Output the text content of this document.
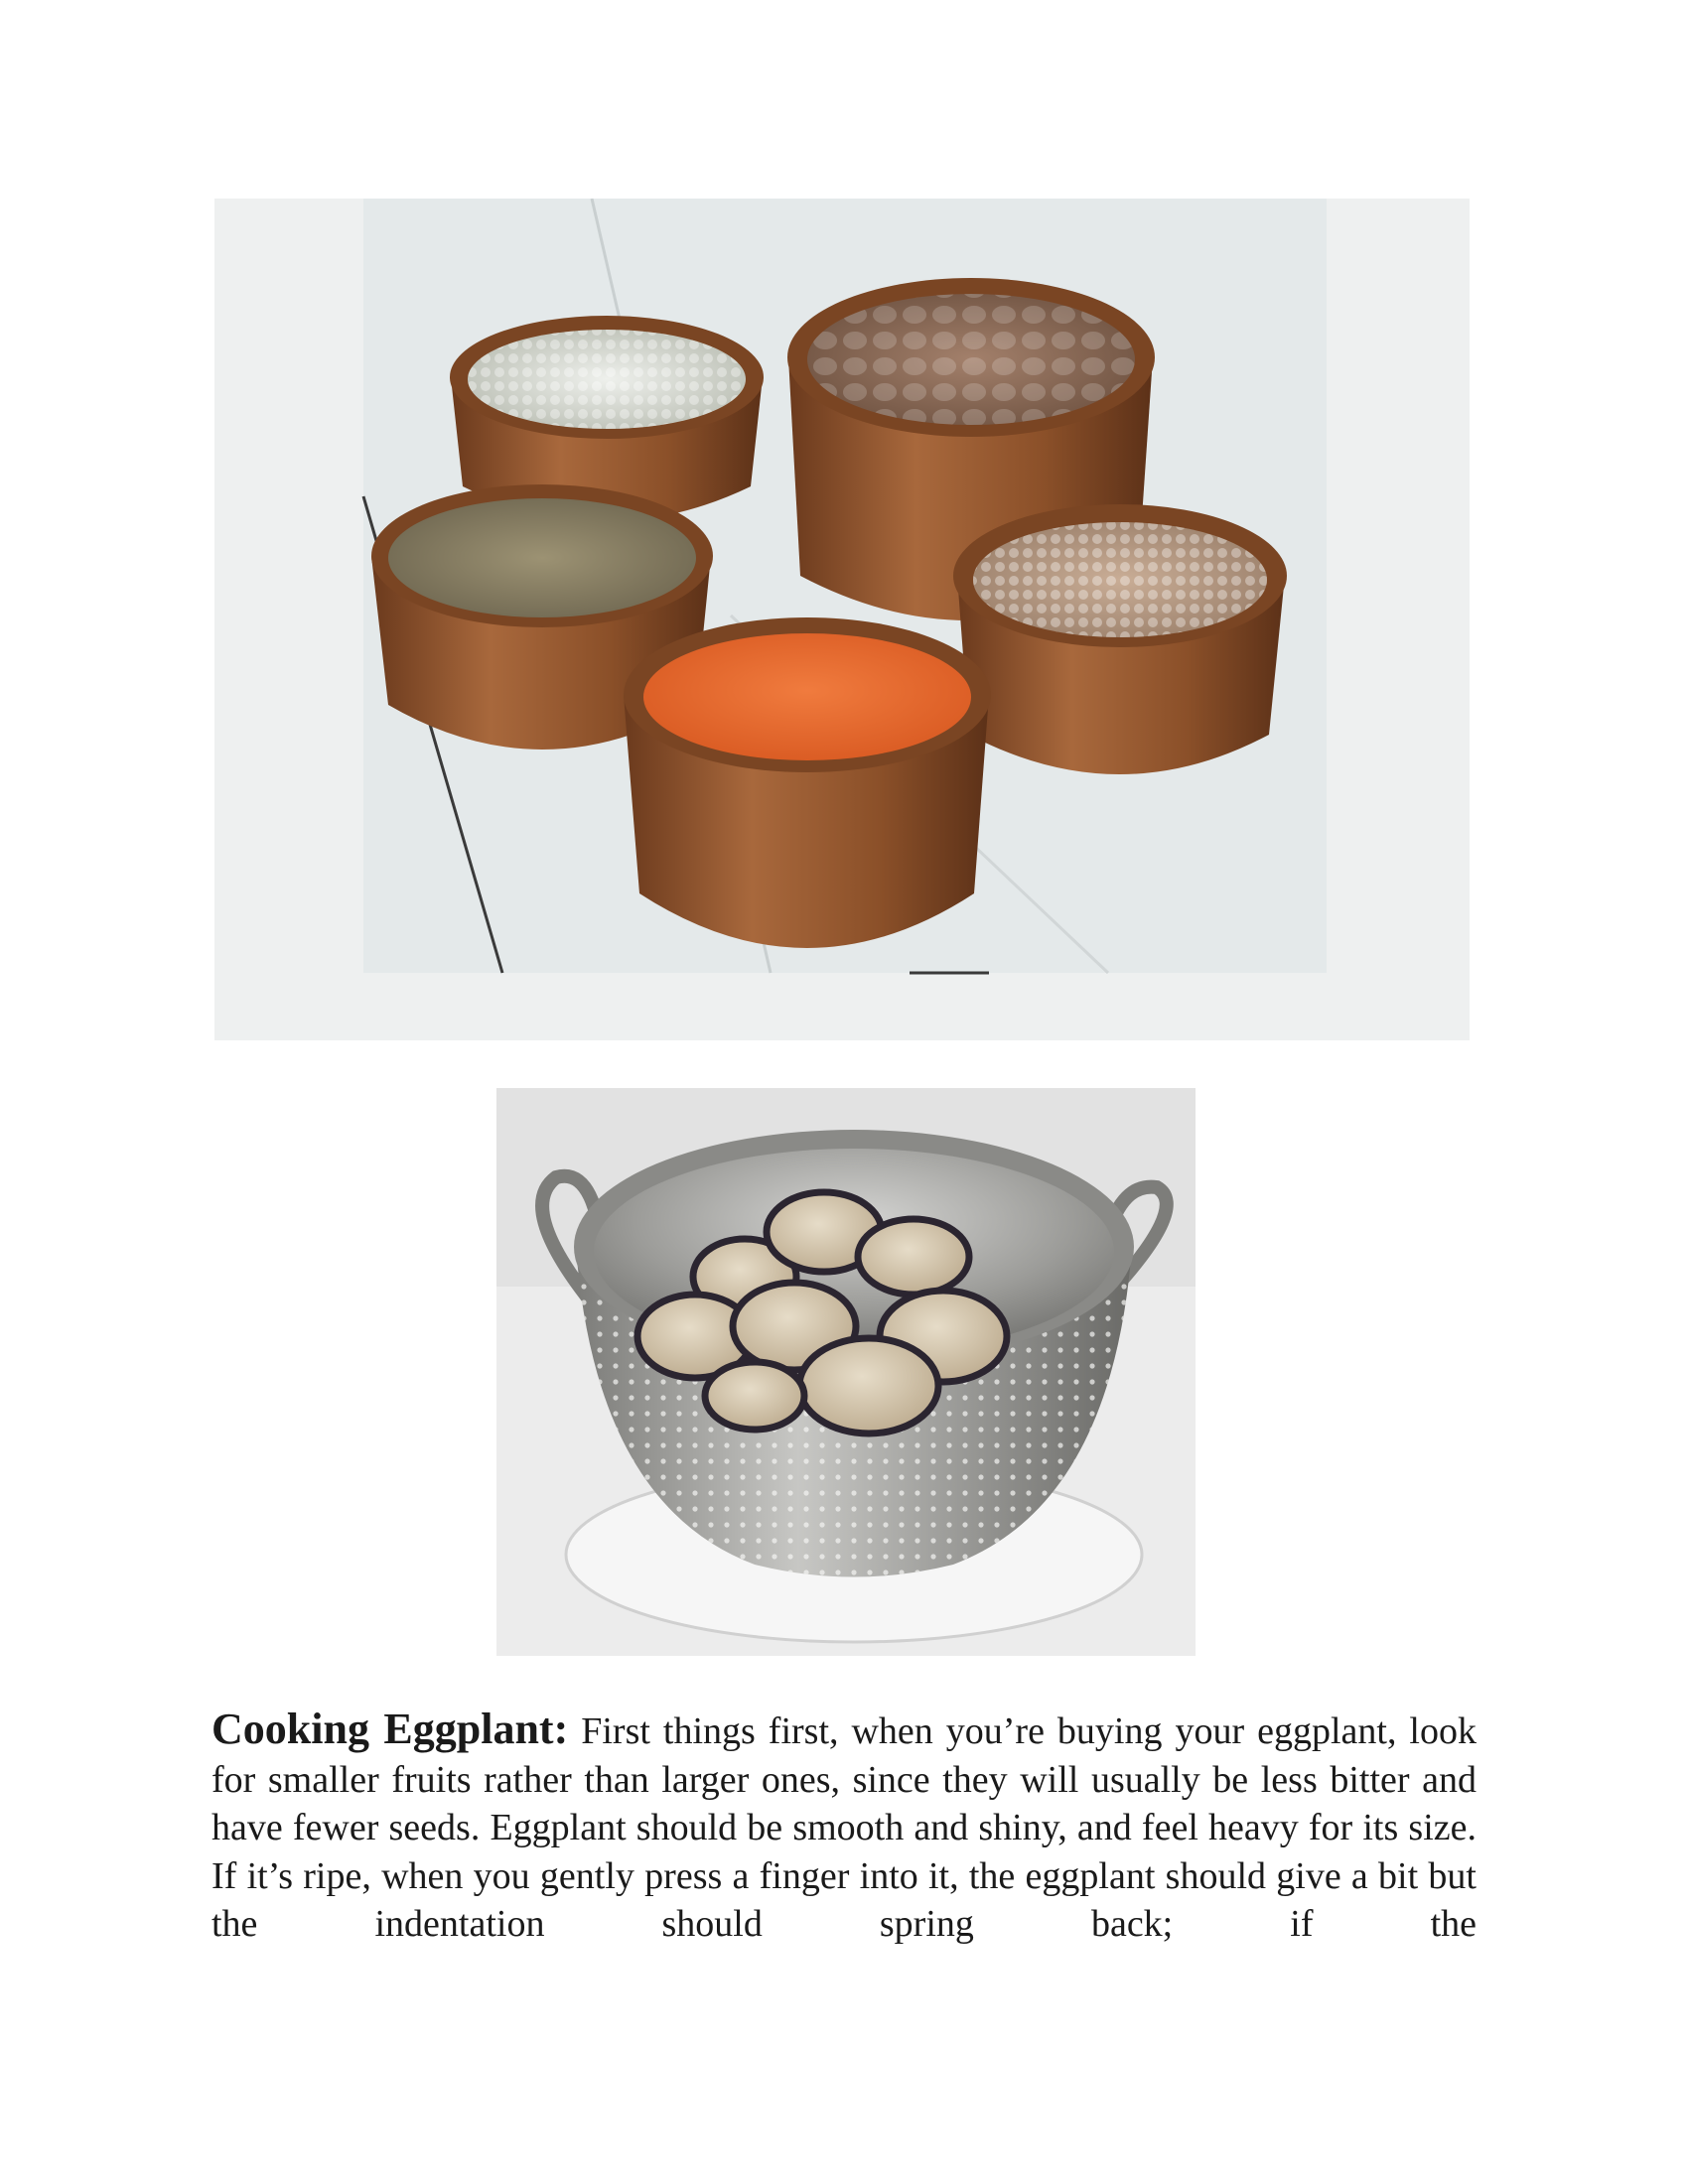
Cooking Eggplant: First things first, when you’re buying your eggplant, look for smaller fruits rather than larger ones, since they will usually be less bitter and have fewer seeds. Eggplant should be smooth and shiny, and feel heavy for its size. If it’s ripe, when you gently press a finger into it, the eggplant should give a bit but the indentation should spring back; if the
